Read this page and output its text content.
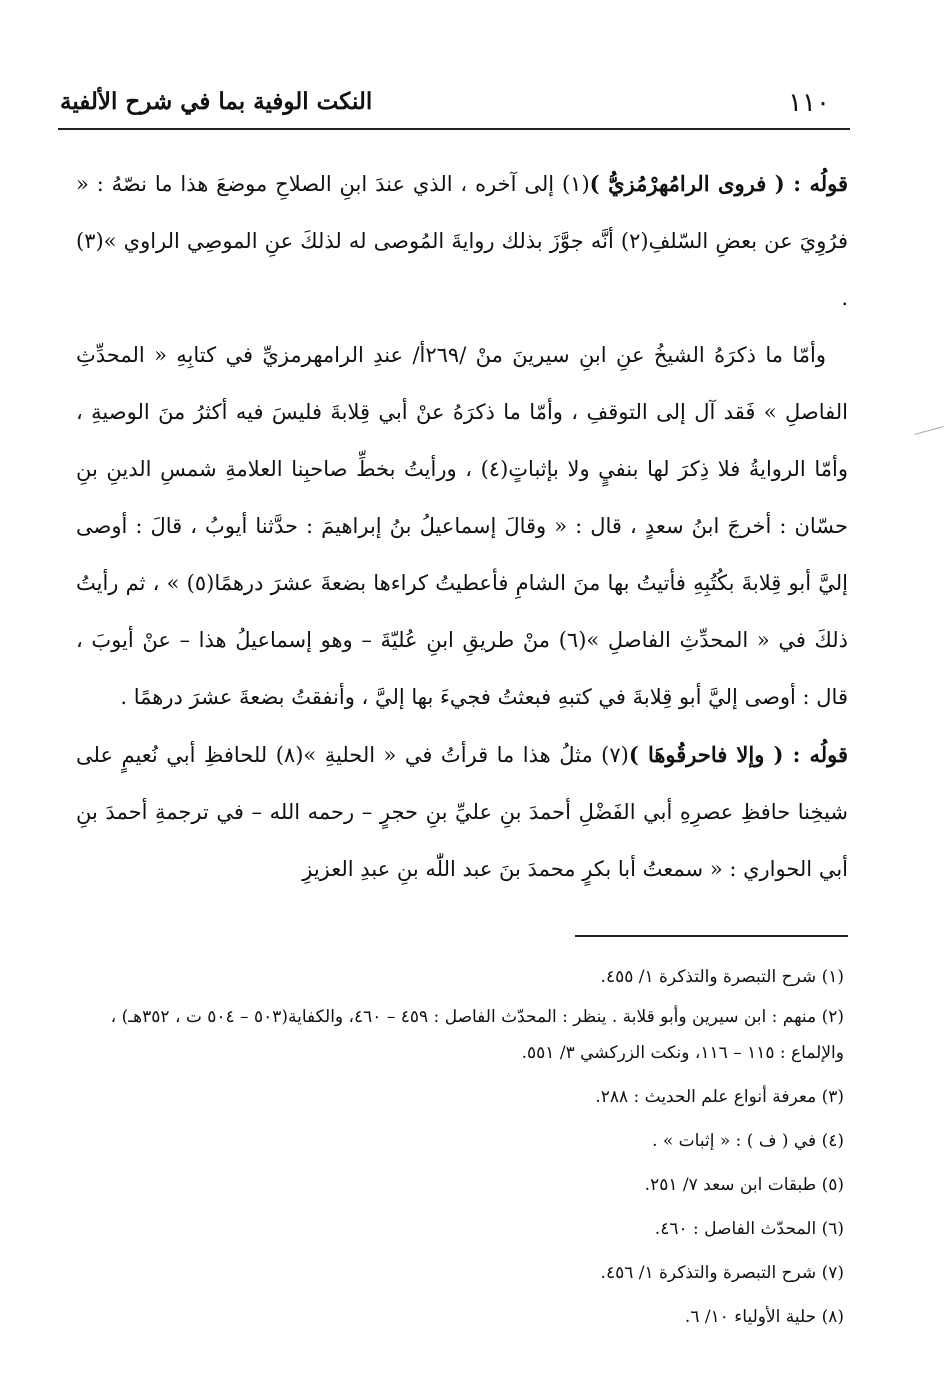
١١٠
النكت الوفية بما في شرح الألفية

قولُه : ( فروى الرامُهرْمُزيُّ )(١) إلى آخره ، الذي عندَ ابنِ الصلاحِ موضعَ هذا ما نصّهُ : « فرُوِيَ عن بعضِ السّلفِ(٢) أنَّه جوَّزَ بذلك روايةَ المُوصى له لذلكَ عنِ الموصِي الراوي »(٣) .

وأمّا ما ذكرَهُ الشيخُ عنِ ابنِ سيرينَ منْ /٢٦٩أ/ عندِ الرامهرمزيِّ في كتابِهِ « المحدِّثِ الفاصلِ » فَقد آل إلى التوقفِ ، وأمّا ما ذكرَهُ عنْ أبي قِلابةَ فليسَ فيه أكثرُ منَ الوصيةِ ، وأمّا الروايةُ فلا ذِكرَ لها بنفيٍ ولا بإثباتٍ(٤) ، ورأيتُ بخطِّ صاحبِنا العلامةِ شمسِ الدينِ بنِ حسّان : أخرجَ ابنُ سعدٍ ، قال : « وقالَ إسماعيلُ بنُ إبراهيمَ : حدَّثنا أيوبُ ، قالَ : أوصى إليَّ أبو قِلابةَ بكُتُبِهِ فأتيتُ بها منَ الشامِ فأعطيتُ كراءها بضعةَ عشرَ درهمًا(٥) » ، ثم رأيتُ ذلكَ في « المحدِّثِ الفاصلِ »(٦) منْ طريقِ ابنِ عُليّةَ – وهو إسماعيلُ هذا – عنْ أيوبَ ، قال : أوصى إليَّ أبو قِلابةَ في كتبهِ فبعثتُ فجيءَ بها إليَّ ، وأنفقتُ بضعةَ عشرَ درهمًا .

قولُه : ( وإلا فاحرقُوهَا )(٧) مثلُ هذا ما قرأتُ في « الحليةِ »(٨) للحافظِ أبي نُعيمٍ على شيخِنا حافظِ عصرِهِ أبي الفَضْلِ أحمدَ بنِ عليِّ بنِ حجرٍ – رحمه الله – في ترجمةِ أحمدَ بنِ أبي الحواري : « سمعتُ أبا بكرٍ محمدَ بنَ عبد اللّٰه بنِ عبدِ العزيزِ

(١) شرح التبصرة والتذكرة ١/ ٤٥٥.
(٢) منهم : ابن سيرين وأبو قلابة . ينظر : المحدّث الفاصل : ٤٥٩ – ٤٦٠، والكفاية(٥٠٣ – ٥٠٤ ت ، ٣٥٢هـ) ، والإلماع : ١١٥ – ١١٦، ونكت الزركشي ٣/ ٥٥١.
(٣) معرفة أنواع علم الحديث : ٢٨٨.
(٤) في ( ف ) : « إثبات » .
(٥) طبقات ابن سعد ٧/ ٢٥١.
(٦) المحدّث الفاصل : ٤٦٠.
(٧) شرح التبصرة والتذكرة ١/ ٤٥٦.
(٨) حلية الأولياء ١٠/ ٦.
